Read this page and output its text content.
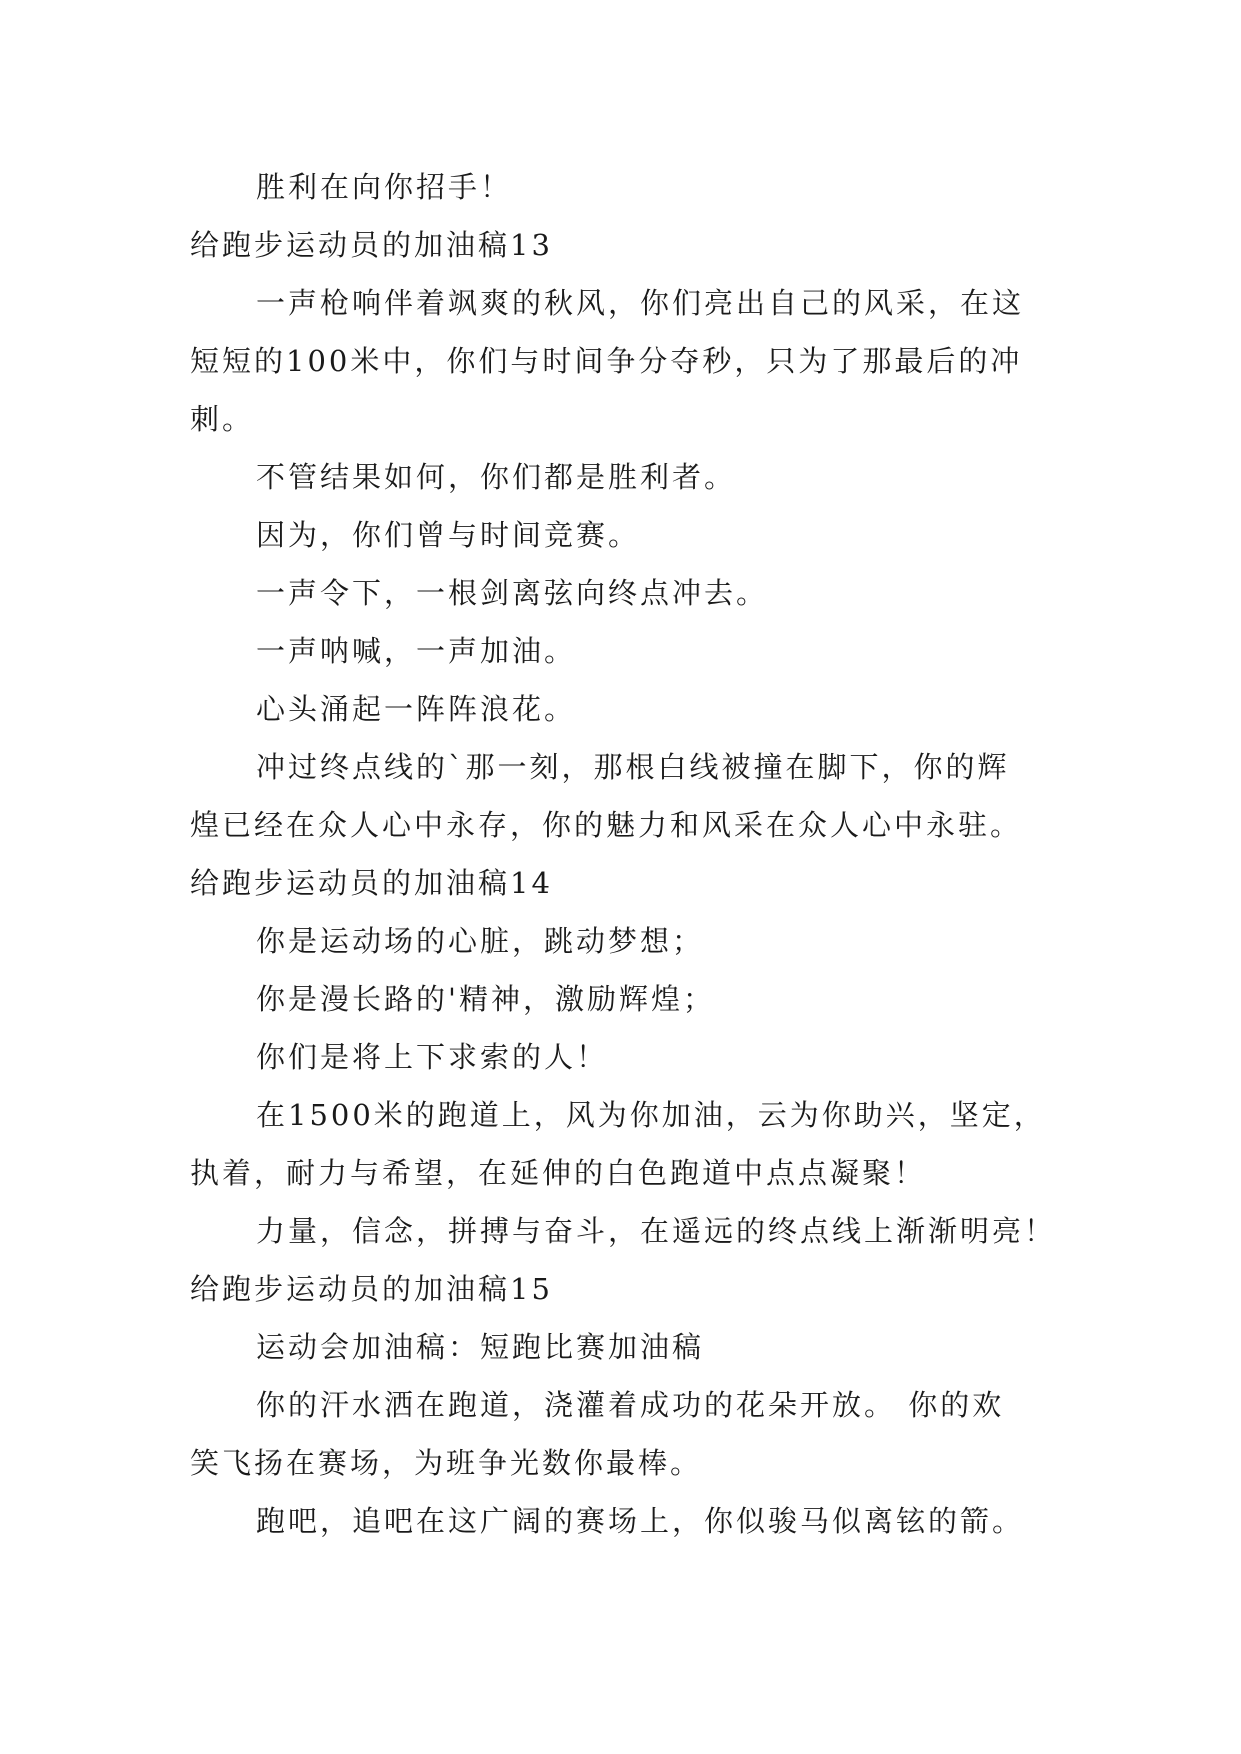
胜利在向你招手！
给跑步运动员的加油稿13
一声枪响伴着飒爽的秋风，你们亮出自己的风采，在这
短短的100米中，你们与时间争分夺秒，只为了那最后的冲
刺。
不管结果如何，你们都是胜利者。
因为，你们曾与时间竞赛。
一声令下，一根剑离弦向终点冲去。
一声呐喊，一声加油。
心头涌起一阵阵浪花。
冲过终点线的`那一刻，那根白线被撞在脚下，你的辉
煌已经在众人心中永存，你的魅力和风采在众人心中永驻。
给跑步运动员的加油稿14
你是运动场的心脏，跳动梦想；
你是漫长路的'精神，激励辉煌；
你们是将上下求索的人！
在1500米的跑道上，风为你加油，云为你助兴，坚定，
执着，耐力与希望，在延伸的白色跑道中点点凝聚！
力量，信念，拼搏与奋斗，在遥远的终点线上渐渐明亮！
给跑步运动员的加油稿15
运动会加油稿：短跑比赛加油稿
你的汗水洒在跑道，浇灌着成功的花朵开放。 你的欢
笑飞扬在赛场，为班争光数你最棒。
跑吧，追吧在这广阔的赛场上，你似骏马似离铉的箭。
